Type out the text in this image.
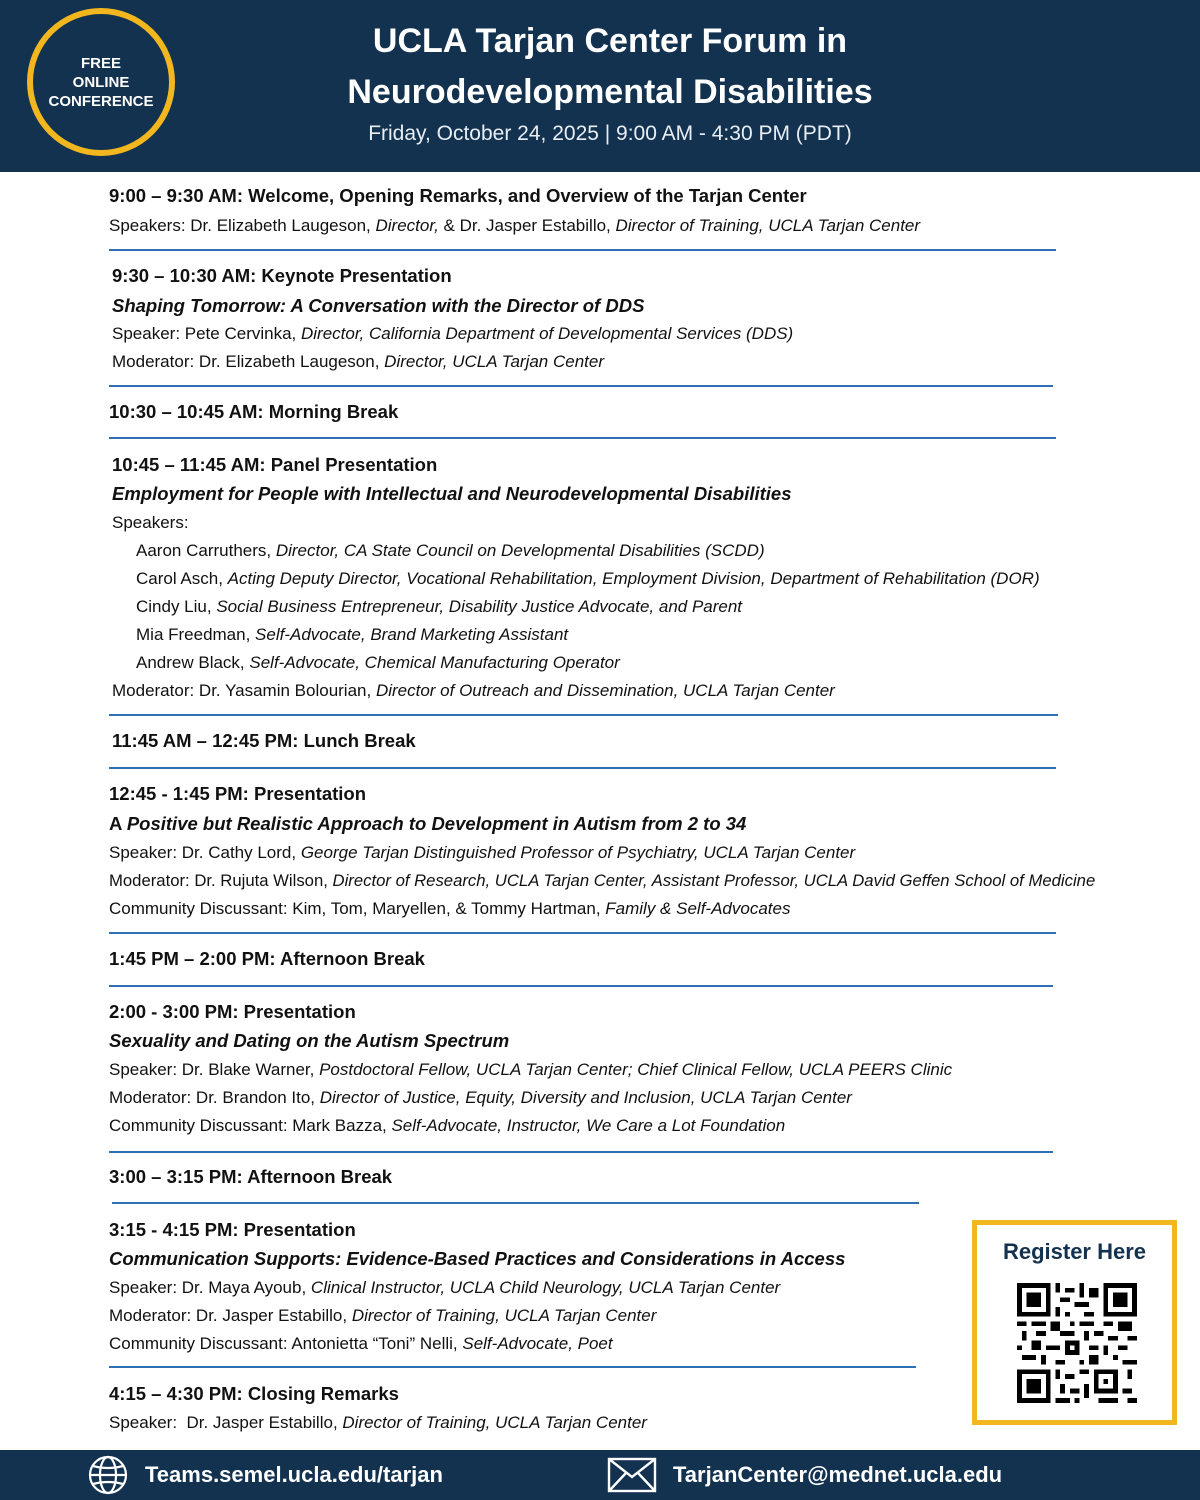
FREE
ONLINE
CONFERENCE
UCLA Tarjan Center Forum in
Neurodevelopmental Disabilities
Friday, October 24, 2025 | 9:00 AM - 4:30 PM (PDT)
9:00 – 9:30 AM: Welcome, Opening Remarks, and Overview of the Tarjan Center
Speakers: Dr. Elizabeth Laugeson, Director, & Dr. Jasper Estabillo, Director of Training, UCLA Tarjan Center
9:30 – 10:30 AM: Keynote Presentation
Shaping Tomorrow: A Conversation with the Director of DDS
Speaker: Pete Cervinka, Director, California Department of Developmental Services (DDS)
Moderator: Dr. Elizabeth Laugeson, Director, UCLA Tarjan Center
10:30 – 10:45 AM: Morning Break
10:45 – 11:45 AM: Panel Presentation
Employment for People with Intellectual and Neurodevelopmental Disabilities
Speakers:
Aaron Carruthers, Director, CA State Council on Developmental Disabilities (SCDD)
Carol Asch, Acting Deputy Director, Vocational Rehabilitation, Employment Division, Department of Rehabilitation (DOR)
Cindy Liu, Social Business Entrepreneur, Disability Justice Advocate, and Parent
Mia Freedman, Self-Advocate, Brand Marketing Assistant
Andrew Black, Self-Advocate, Chemical Manufacturing Operator
Moderator: Dr. Yasamin Bolourian, Director of Outreach and Dissemination, UCLA Tarjan Center
11:45 AM – 12:45 PM: Lunch Break
12:45 - 1:45 PM: Presentation
A Positive but Realistic Approach to Development in Autism from 2 to 34
Speaker: Dr. Cathy Lord, George Tarjan Distinguished Professor of Psychiatry, UCLA Tarjan Center
Moderator: Dr. Rujuta Wilson, Director of Research, UCLA Tarjan Center, Assistant Professor, UCLA David Geffen School of Medicine
Community Discussant: Kim, Tom, Maryellen, & Tommy Hartman, Family & Self-Advocates
1:45 PM – 2:00 PM: Afternoon Break
2:00 - 3:00 PM: Presentation
Sexuality and Dating on the Autism Spectrum
Speaker: Dr. Blake Warner, Postdoctoral Fellow, UCLA Tarjan Center; Chief Clinical Fellow, UCLA PEERS Clinic
Moderator: Dr. Brandon Ito, Director of Justice, Equity, Diversity and Inclusion, UCLA Tarjan Center
Community Discussant: Mark Bazza, Self-Advocate, Instructor, We Care a Lot Foundation
3:00 – 3:15 PM: Afternoon Break
3:15 - 4:15 PM: Presentation
Communication Supports: Evidence-Based Practices and Considerations in Access
Speaker: Dr. Maya Ayoub, Clinical Instructor, UCLA Child Neurology, UCLA Tarjan Center
Moderator: Dr. Jasper Estabillo, Director of Training, UCLA Tarjan Center
Community Discussant: Antonietta “Toni” Nelli, Self-Advocate, Poet
4:15 – 4:30 PM: Closing Remarks
Speaker:  Dr. Jasper Estabillo, Director of Training, UCLA Tarjan Center
Register Here
Teams.semel.ucla.edu/tarjan	TarjanCenter@mednet.ucla.edu
